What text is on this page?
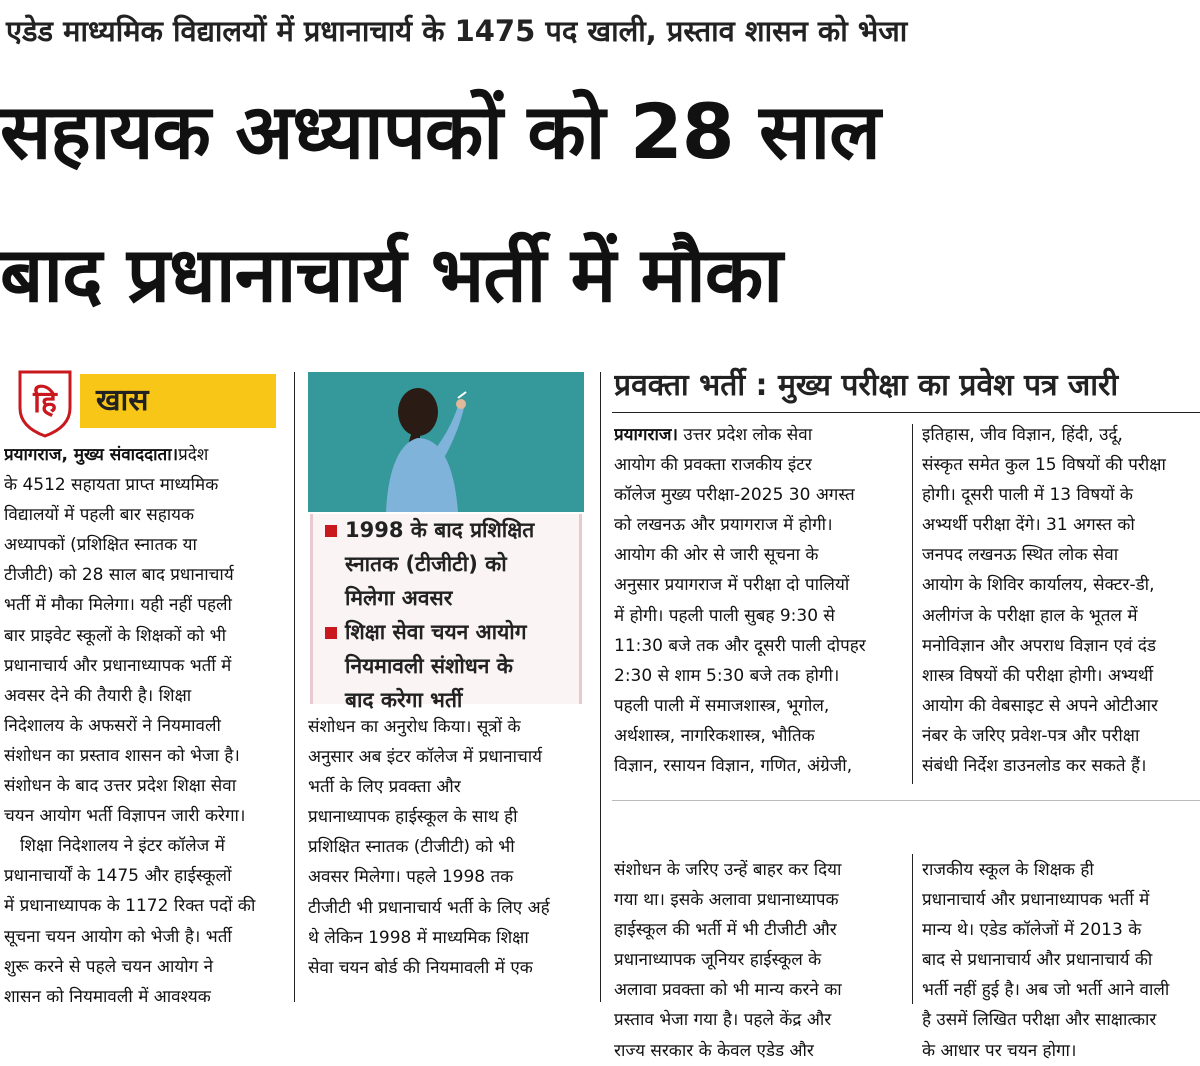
एडेड माध्यमिक विद्यालयों में प्रधानाचार्य के 1475 पद खाली, प्रस्ताव शासन को भेजा
सहायक अध्यापकों को 28 साल
बाद प्रधानाचार्य भर्ती में मौका
हि खास
प्रयागराज, मुख्य संवाददाता।प्रदेश
के 4512 सहायता प्राप्त माध्यमिक
विद्यालयों में पहली बार सहायक
अध्यापकों (प्रशिक्षित स्नातक या
टीजीटी) को 28 साल बाद प्रधानाचार्य
भर्ती में मौका मिलेगा। यही नहीं पहली
बार प्राइवेट स्कूलों के शिक्षकों को भी
प्रधानाचार्य और प्रधानाध्यापक भर्ती में
अवसर देने की तैयारी है। शिक्षा
निदेशालय के अफसरों ने नियमावली
संशोधन का प्रस्ताव शासन को भेजा है।
संशोधन के बाद उत्तर प्रदेश शिक्षा सेवा
चयन आयोग भर्ती विज्ञापन जारी करेगा।
शिक्षा निदेशालय ने इंटर कॉलेज में
प्रधानाचार्यों के 1475 और हाईस्कूलों
में प्रधानाध्यापक के 1172 रिक्त पदों की
सूचना चयन आयोग को भेजी है। भर्ती
शुरू करने से पहले चयन आयोग ने
शासन को नियमावली में आवश्यक
1998 के बाद प्रशिक्षित
स्नातक (टीजीटी) को
मिलेगा अवसर
शिक्षा सेवा चयन आयोग
नियमावली संशोधन के
बाद करेगा भर्ती
संशोधन का अनुरोध किया। सूत्रों के
अनुसार अब इंटर कॉलेज में प्रधानाचार्य
भर्ती के लिए प्रवक्ता और
प्रधानाध्यापक हाईस्कूल के साथ ही
प्रशिक्षित स्नातक (टीजीटी) को भी
अवसर मिलेगा। पहले 1998 तक
टीजीटी भी प्रधानाचार्य भर्ती के लिए अर्ह
थे लेकिन 1998 में माध्यमिक शिक्षा
सेवा चयन बोर्ड की नियमावली में एक
प्रवक्ता भर्ती : मुख्य परीक्षा का प्रवेश पत्र जारी
प्रयागराज। उत्तर प्रदेश लोक सेवा
आयोग की प्रवक्ता राजकीय इंटर
कॉलेज मुख्य परीक्षा-2025 30 अगस्त
को लखनऊ और प्रयागराज में होगी।
आयोग की ओर से जारी सूचना के
अनुसार प्रयागराज में परीक्षा दो पालियों
में होगी। पहली पाली सुबह 9:30 से
11:30 बजे तक और दूसरी पाली दोपहर
2:30 से शाम 5:30 बजे तक होगी।
पहली पाली में समाजशास्त्र, भूगोल,
अर्थशास्त्र, नागरिकशास्त्र, भौतिक
विज्ञान, रसायन विज्ञान, गणित, अंग्रेजी,
इतिहास, जीव विज्ञान, हिंदी, उर्दू,
संस्कृत समेत कुल 15 विषयों की परीक्षा
होगी। दूसरी पाली में 13 विषयों के
अभ्यर्थी परीक्षा देंगे। 31 अगस्त को
जनपद लखनऊ स्थित लोक सेवा
आयोग के शिविर कार्यालय, सेक्टर-डी,
अलीगंज के परीक्षा हाल के भूतल में
मनोविज्ञान और अपराध विज्ञान एवं दंड
शास्त्र विषयों की परीक्षा होगी। अभ्यर्थी
आयोग की वेबसाइट से अपने ओटीआर
नंबर के जरिए प्रवेश-पत्र और परीक्षा
संबंधी निर्देश डाउनलोड कर सकते हैं।
संशोधन के जरिए उन्हें बाहर कर दिया
गया था। इसके अलावा प्रधानाध्यापक
हाईस्कूल की भर्ती में भी टीजीटी और
प्रधानाध्यापक जूनियर हाईस्कूल के
अलावा प्रवक्ता को भी मान्य करने का
प्रस्ताव भेजा गया है। पहले केंद्र और
राज्य सरकार के केवल एडेड और
राजकीय स्कूल के शिक्षक ही
प्रधानाचार्य और प्रधानाध्यापक भर्ती में
मान्य थे। एडेड कॉलेजों में 2013 के
बाद से प्रधानाचार्य और प्रधानाचार्य की
भर्ती नहीं हुई है। अब जो भर्ती आने वाली
है उसमें लिखित परीक्षा और साक्षात्कार
के आधार पर चयन होगा।
